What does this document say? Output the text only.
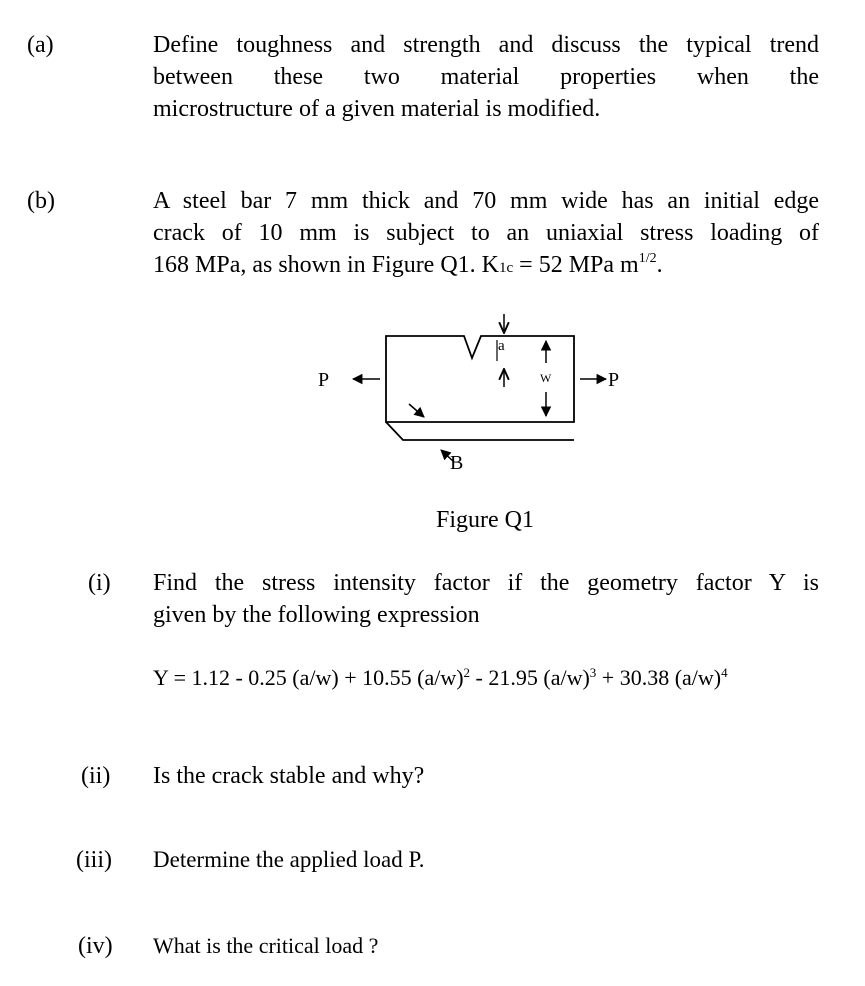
(a)	Define toughness and strength and discuss the typical trend
between these two material properties when the
microstructure of a given material is modified.
(b)	A steel bar 7 mm thick and 70 mm wide has an initial edge
crack of 10 mm is subject to an uniaxial stress loading of
168 MPa, as shown in Figure Q1. K1c = 52 MPa $m^{1/2}$.
a
W
P	P
B
Figure Q1
(i) Find the stress intensity factor if the geometry factor Y is
given by the following expression
Y = 1.12 - 0.25 (a/w) + 10.55 $(a/w)^2 - 21.95$ $(a/w)^3 + 30.38$ $(a/w)^4$
(ii) Is the crack stable and why?
(iii) Determine the applied load P.
(iv) What is the critical load ?
